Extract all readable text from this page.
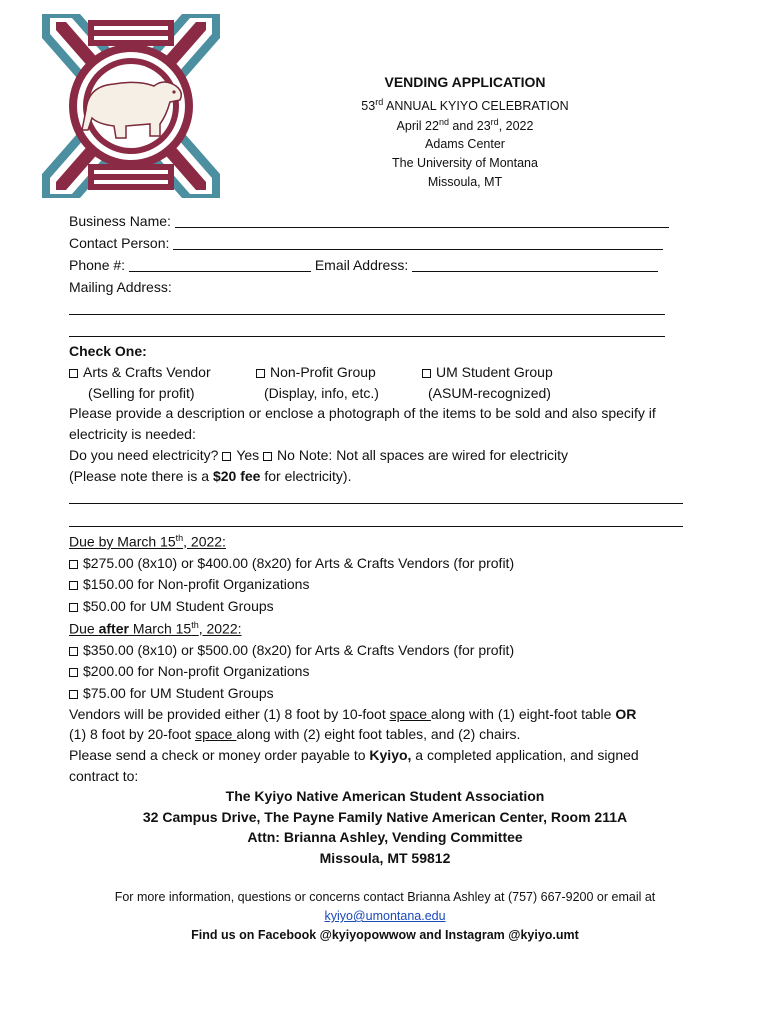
VENDING APPLICATION
53rd ANNUAL KYIYO CELEBRATION
April 22nd and 23rd, 2022
Adams Center
The University of Montana
Missoula, MT
Business Name:
Contact Person:
Phone #:	Email Address:
Mailing Address:
Check One:
Arts & Crafts Vendor	Non-Profit Group	UM Student Group
(Selling for profit)	(Display, info, etc.)	(ASUM-recognized)
Please provide a description or enclose a photograph of the items to be sold and also specify if
electricity is needed:
Do you need electricity? Yes No Note: Not all spaces are wired for electricity
(Please note there is a $20 fee for electricity).
Due by March 15th, 2022:
$275.00 (8x10) or $400.00 (8x20) for Arts & Crafts Vendors (for profit)
$150.00 for Non-profit Organizations
$50.00 for UM Student Groups
Due after March 15th, 2022:
$350.00 (8x10) or $500.00 (8x20) for Arts & Crafts Vendors (for profit)
$200.00 for Non-profit Organizations
$75.00 for UM Student Groups
Vendors will be provided either (1) 8 foot by 10-foot space along with (1) eight-foot table OR
(1) 8 foot by 20-foot space along with (2) eight foot tables, and (2) chairs.
Please send a check or money order payable to Kyiyo, a completed application, and signed
contract to:
The Kyiyo Native American Student Association
32 Campus Drive, The Payne Family Native American Center, Room 211A
Attn: Brianna Ashley, Vending Committee
Missoula, MT 59812
For more information, questions or concerns contact Brianna Ashley at (757) 667-9200 or email at
kyiyo@umontana.edu
Find us on Facebook @kyiyopowwow and Instagram @kyiyo.umt
